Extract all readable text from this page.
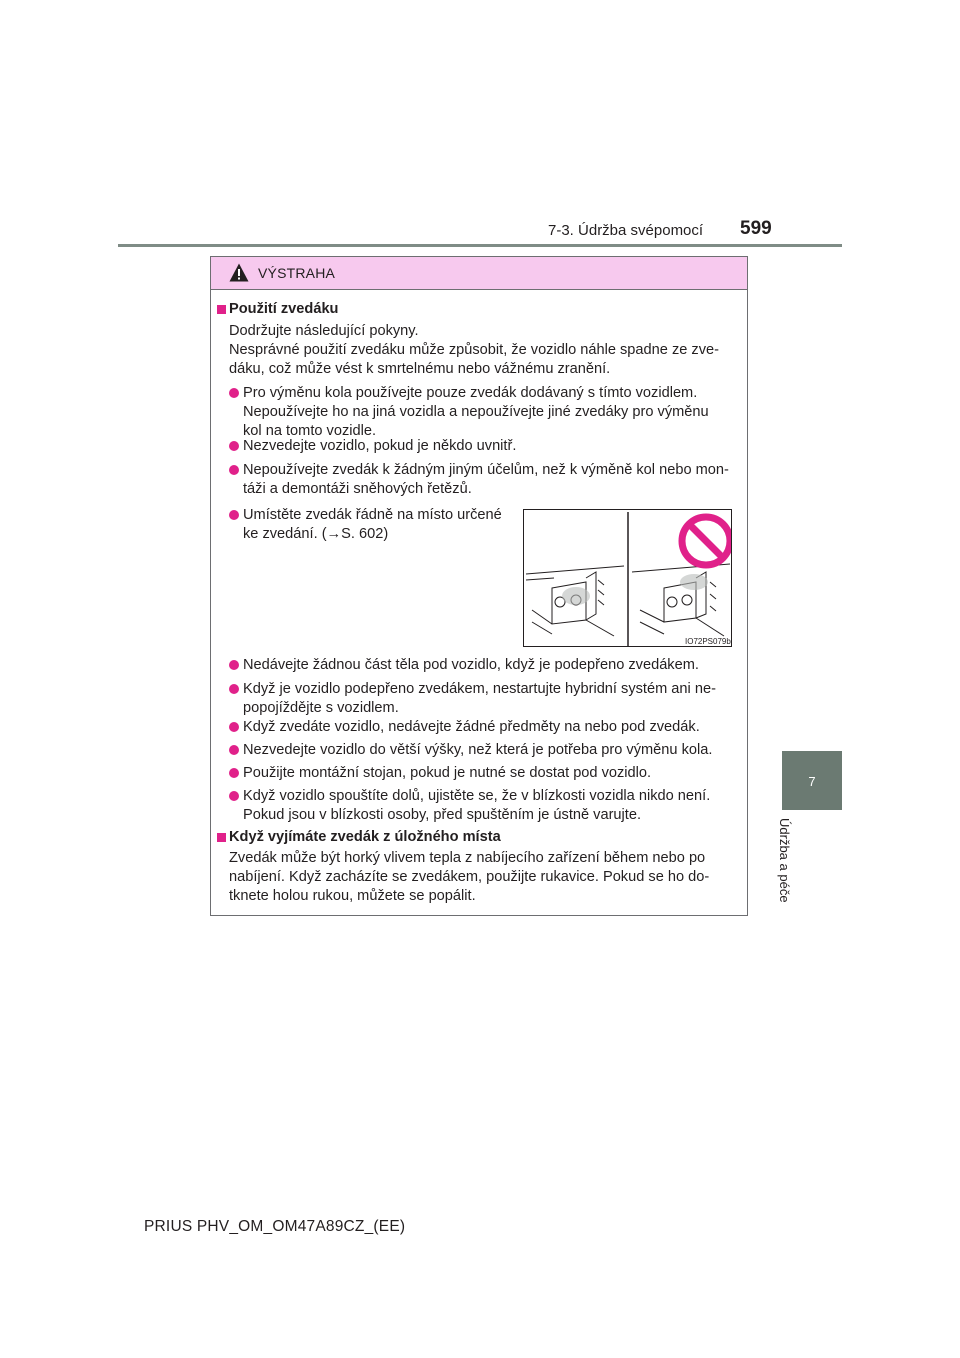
7-3. Údržba svépomocí 599
7
Údržba a péče
VÝSTRAHA
Použití zvedáku
Dodržujte následující pokyny.
Nesprávné použití zvedáku může způsobit, že vozidlo náhle spadne ze zve-
dáku, což může vést k smrtelnému nebo vážnému zranění.
Pro výměnu kola používejte pouze zvedák dodávaný s tímto vozidlem.
Nepoužívejte ho na jiná vozidla a nepoužívejte jiné zvedáky pro výměnu
kol na tomto vozidle.
Nezvedejte vozidlo, pokud je někdo uvnitř.
Nepoužívejte zvedák k žádným jiným účelům, než k výměně kol nebo mon-
táži a demontáži sněhových řetězů.
Umístěte zvedák řádně na místo určené
ke zvedání. (→S. 602)
IO72PS079b
Nedávejte žádnou část těla pod vozidlo, když je podepřeno zvedákem.
Když je vozidlo podepřeno zvedákem, nestartujte hybridní systém ani ne-
popojíždějte s vozidlem.
Když zvedáte vozidlo, nedávejte žádné předměty na nebo pod zvedák.
Nezvedejte vozidlo do větší výšky, než která je potřeba pro výměnu kola.
Použijte montážní stojan, pokud je nutné se dostat pod vozidlo.
Když vozidlo spouštíte dolů, ujistěte se, že v blízkosti vozidla nikdo není.
Pokud jsou v blízkosti osoby, před spuštěním je ústně varujte.
Když vyjímáte zvedák z úložného místa
Zvedák může být horký vlivem tepla z nabíjecího zařízení během nebo po
nabíjení. Když zacházíte se zvedákem, použijte rukavice. Pokud se ho do-
tknete holou rukou, můžete se popálit.
PRIUS PHV_OM_OM47A89CZ_(EE)
